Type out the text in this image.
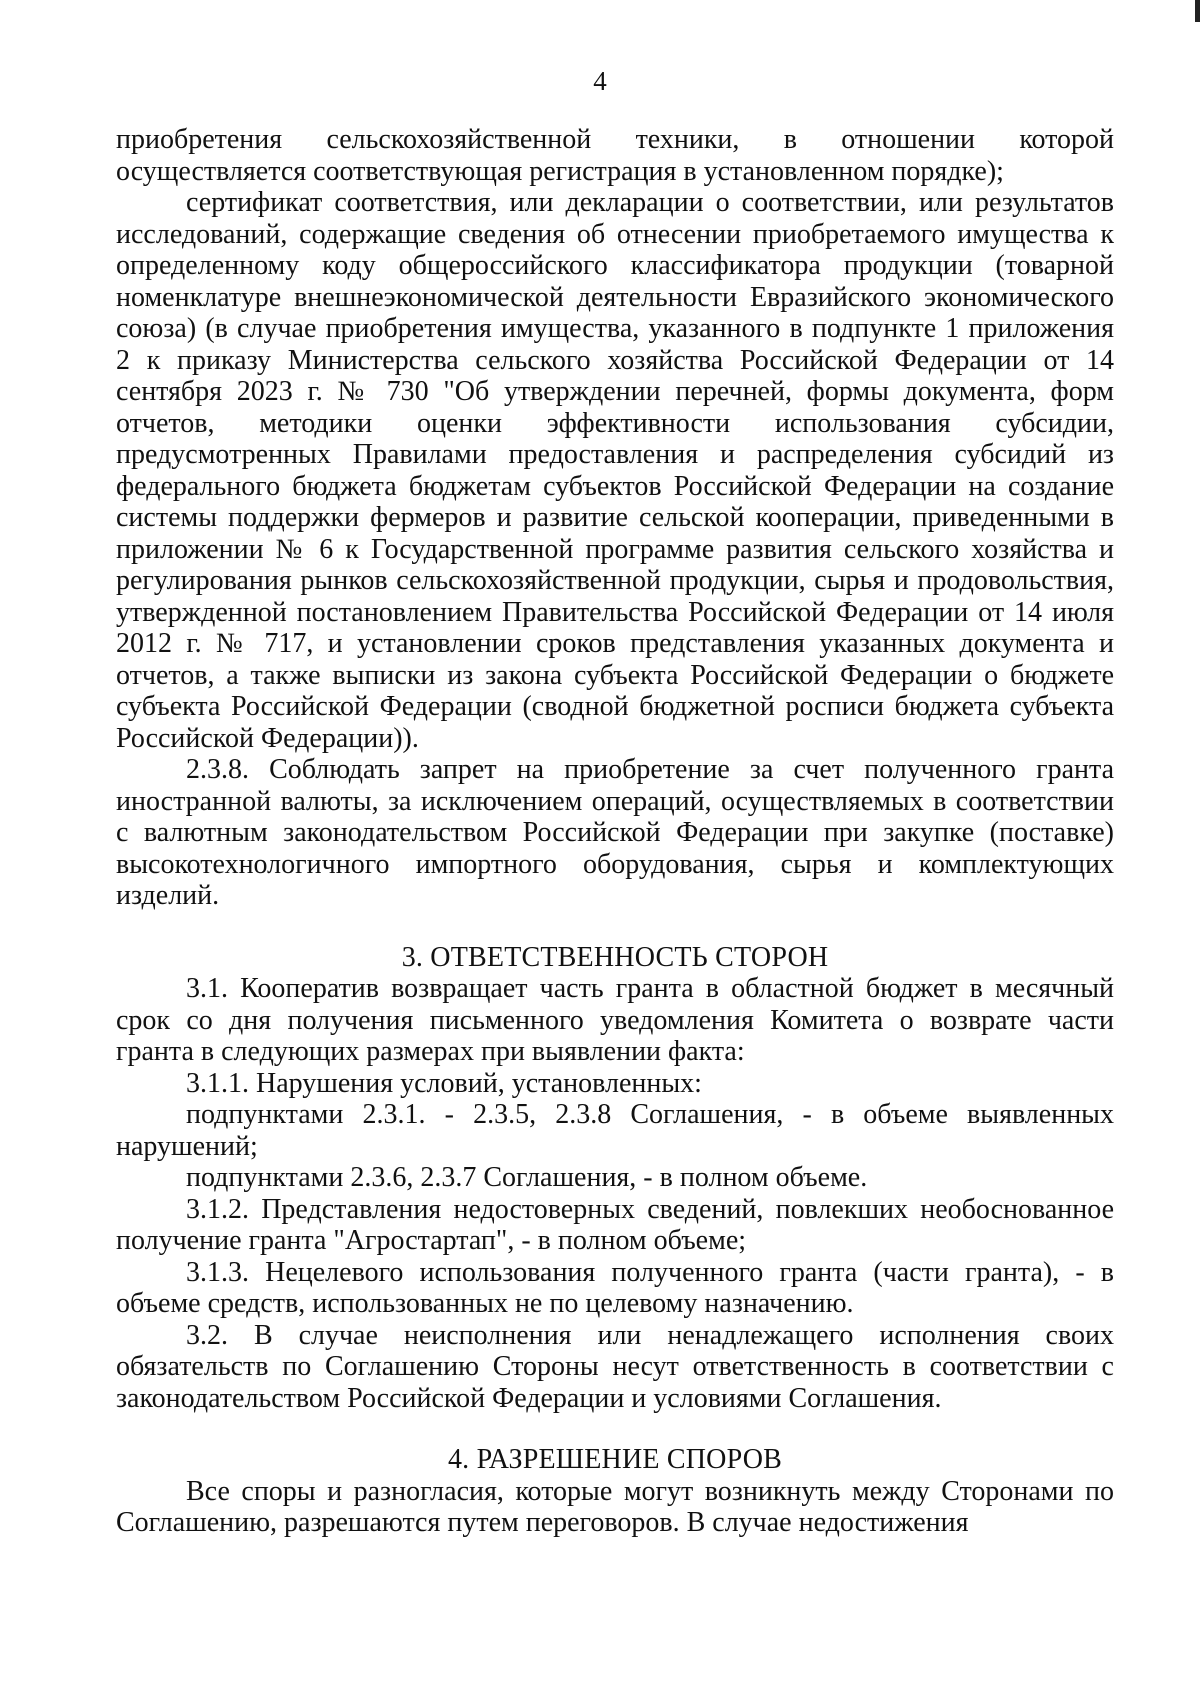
4

приобретения сельскохозяйственной техники, в отношении которой осуществляется соответствующая регистрация в установленном порядке);

сертификат соответствия, или декларации о соответствии, или результатов исследований, содержащие сведения об отнесении приобретаемого имущества к определенному коду общероссийского классификатора продукции (товарной номенклатуре внешнеэкономической деятельности Евразийского экономического союза) (в случае приобретения имущества, указанного в подпункте 1 приложения 2 к приказу Министерства сельского хозяйства Российской Федерации от 14 сентября 2023 г. № 730 "Об утверждении перечней, формы документа, форм отчетов, методики оценки эффективности использования субсидии, предусмотренных Правилами предоставления и распределения субсидий из федерального бюджета бюджетам субъектов Российской Федерации на создание системы поддержки фермеров и развитие сельской кооперации, приведенными в приложении № 6 к Государственной программе развития сельского хозяйства и регулирования рынков сельскохозяйственной продукции, сырья и продовольствия, утвержденной постановлением Правительства Российской Федерации от 14 июля 2012 г. № 717, и установлении сроков представления указанных документа и отчетов, а также выписки из закона субъекта Российской Федерации о бюджете субъекта Российской Федерации (сводной бюджетной росписи бюджета субъекта Российской Федерации)).

2.3.8. Соблюдать запрет на приобретение за счет полученного гранта иностранной валюты, за исключением операций, осуществляемых в соответствии с валютным законодательством Российской Федерации при закупке (поставке) высокотехнологичного импортного оборудования, сырья и комплектующих изделий.

3. ОТВЕТСТВЕННОСТЬ СТОРОН

3.1. Кооператив возвращает часть гранта в областной бюджет в месячный срок со дня получения письменного уведомления Комитета о возврате части гранта в следующих размерах при выявлении факта:

3.1.1. Нарушения условий, установленных:

подпунктами 2.3.1. - 2.3.5, 2.3.8 Соглашения, - в объеме выявленных нарушений;

подпунктами 2.3.6, 2.3.7 Соглашения, - в полном объеме.

3.1.2. Представления недостоверных сведений, повлекших необоснованное получение гранта "Агростартап", - в полном объеме;

3.1.3. Нецелевого использования полученного гранта (части гранта), - в объеме средств, использованных не по целевому назначению.

3.2. В случае неисполнения или ненадлежащего исполнения своих обязательств по Соглашению Стороны несут ответственность в соответствии с законодательством Российской Федерации и условиями Соглашения.

4. РАЗРЕШЕНИЕ СПОРОВ

Все споры и разногласия, которые могут возникнуть между Сторонами по Соглашению, разрешаются путем переговоров. В случае недостижения
